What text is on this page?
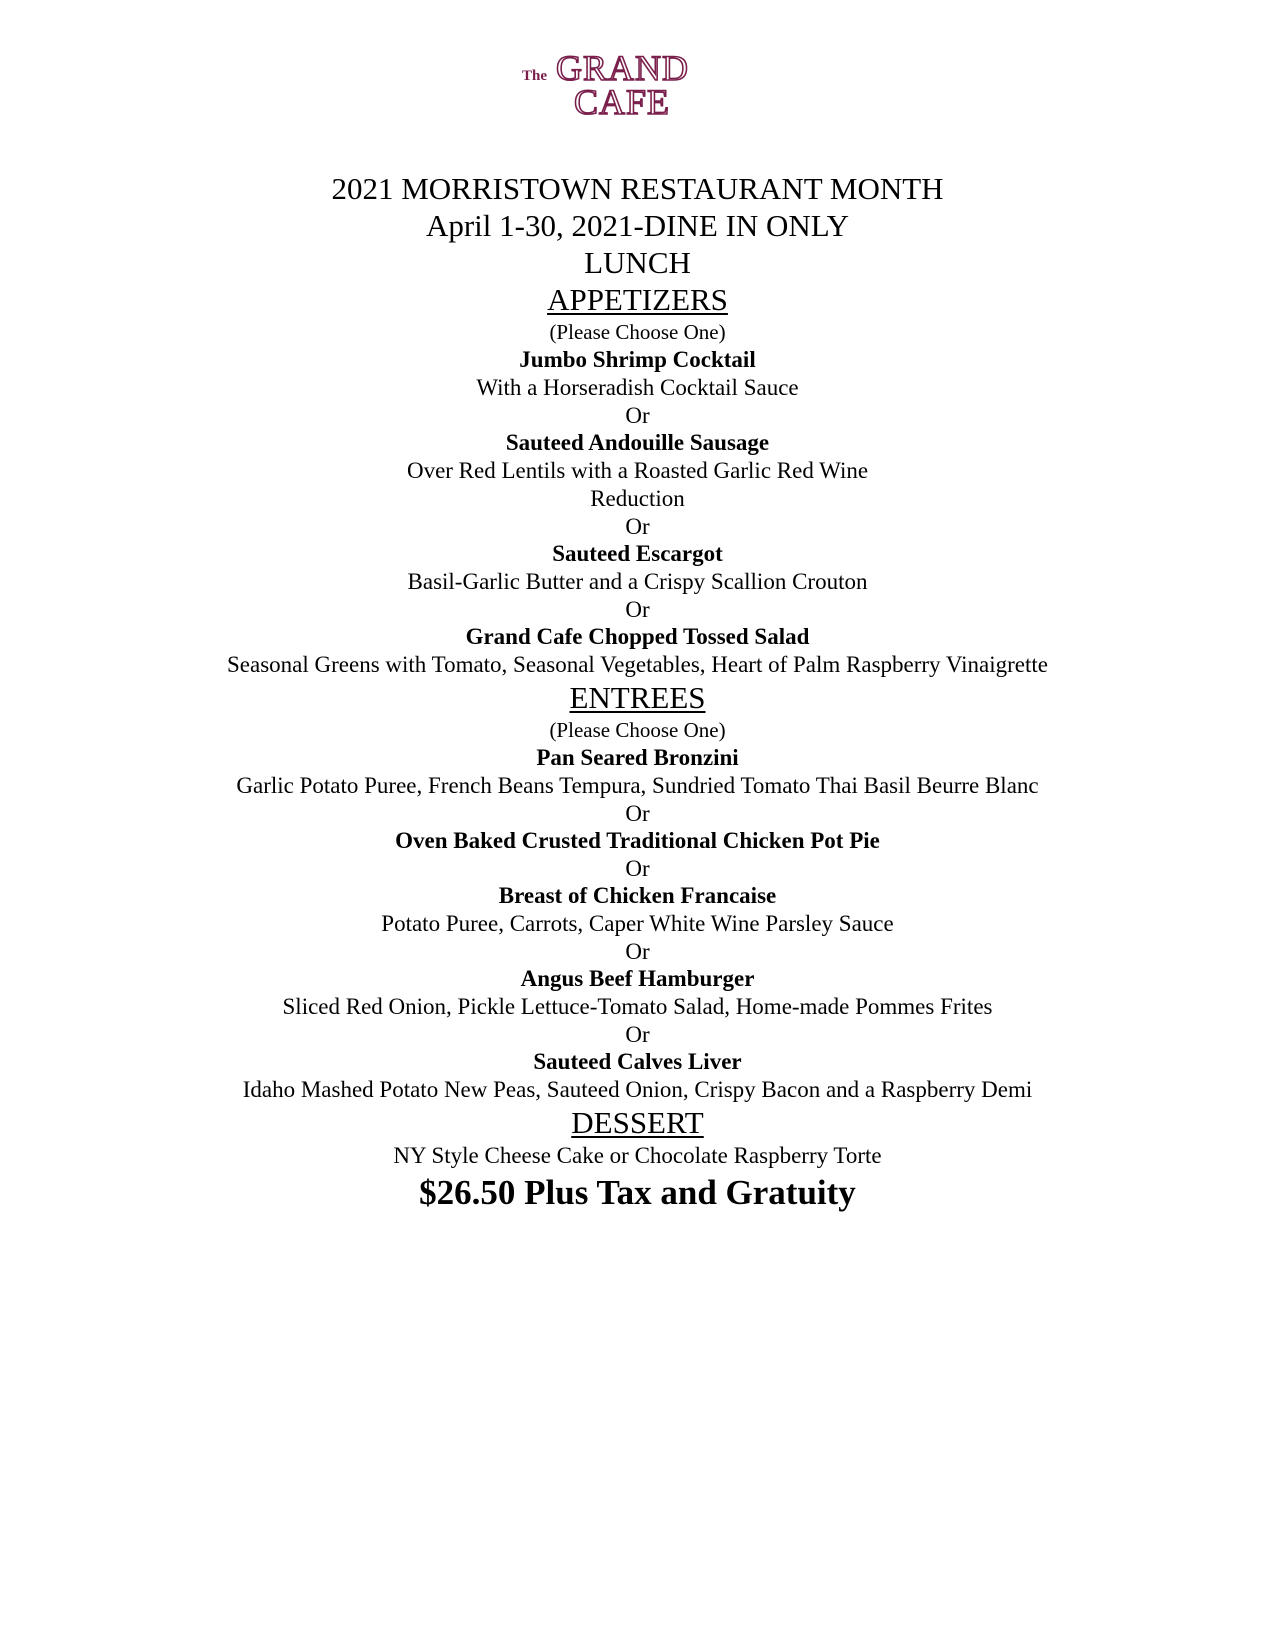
The GRAND
CAFE
2021 MORRISTOWN RESTAURANT MONTH
April 1-30, 2021-DINE IN ONLY
LUNCH
APPETIZERS
(Please Choose One)
Jumbo Shrimp Cocktail
With a Horseradish Cocktail Sauce
Or
Sauteed Andouille Sausage
Over Red Lentils with a Roasted Garlic Red Wine
Reduction
Or
Sauteed Escargot
Basil-Garlic Butter and a Crispy Scallion Crouton
Or
Grand Cafe Chopped Tossed Salad
Seasonal Greens with Tomato, Seasonal Vegetables, Heart of Palm Raspberry Vinaigrette
ENTREES
(Please Choose One)
Pan Seared Bronzini
Garlic Potato Puree, French Beans Tempura, Sundried Tomato Thai Basil Beurre Blanc
Or
Oven Baked Crusted Traditional Chicken Pot Pie
Or
Breast of Chicken Francaise
Potato Puree, Carrots, Caper White Wine Parsley Sauce
Or
Angus Beef Hamburger
Sliced Red Onion, Pickle Lettuce-Tomato Salad, Home-made Pommes Frites
Or
Sauteed Calves Liver
Idaho Mashed Potato New Peas, Sauteed Onion, Crispy Bacon and a Raspberry Demi
DESSERT
NY Style Cheese Cake or Chocolate Raspberry Torte
$26.50 Plus Tax and Gratuity
